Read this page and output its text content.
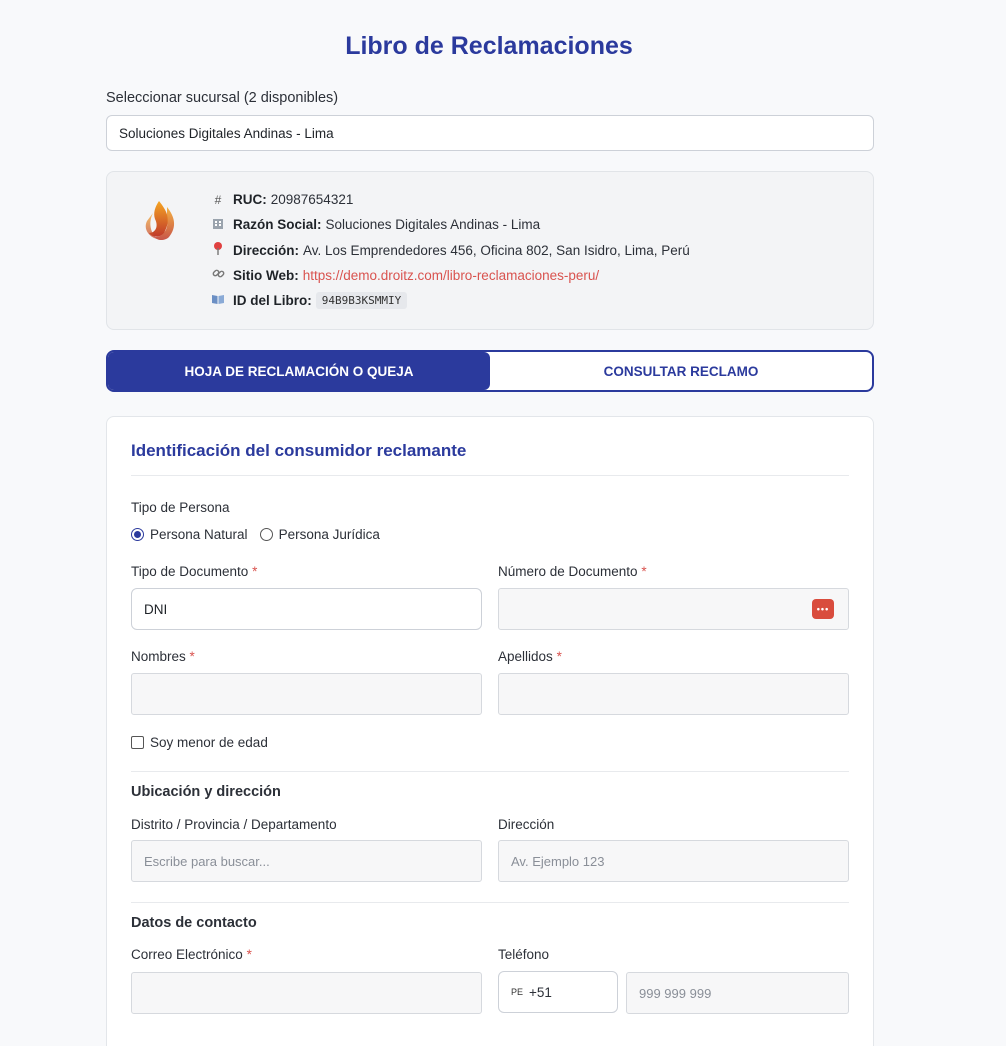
Libro de Reclamaciones
Seleccionar sucursal (2 disponibles)
Soluciones Digitales Andinas - Lima
# RUC: 20987654321
Razón Social: Soluciones Digitales Andinas - Lima
Dirección: Av. Los Emprendedores 456, Oficina 802, San Isidro, Lima, Perú
Sitio Web: https://demo.droitz.com/libro-reclamaciones-peru/
ID del Libro: 94B9B3KSMMIY
HOJA DE RECLAMACIÓN O QUEJA	CONSULTAR RECLAMO
Identificación del consumidor reclamante
Tipo de Persona
Persona Natural Persona Jurídica
Tipo de Documento *
DNI
Número de Documento *
•••
Nombres *	Apellidos *
Soy menor de edad
Ubicación y dirección
Distrito / Provincia / Departamento
Escribe para buscar...
Dirección
Av. Ejemplo 123
Datos de contacto
Correo Electrónico *	Teléfono
PE +51	999 999 999
